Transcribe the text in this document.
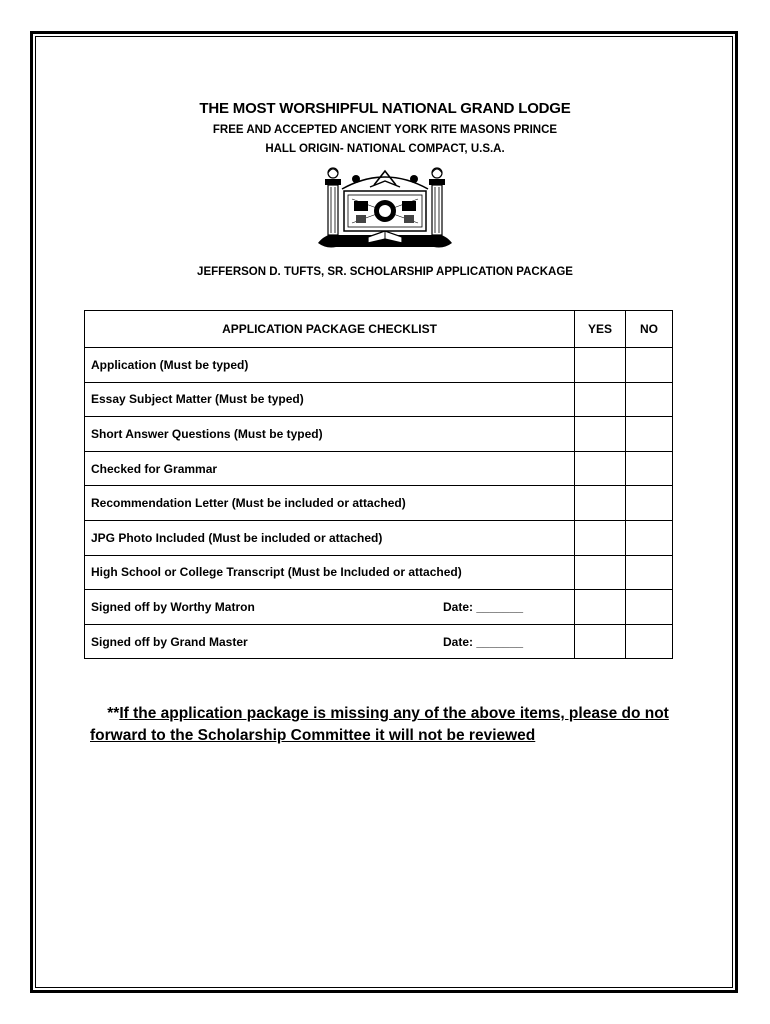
THE MOST WORSHIPFUL NATIONAL GRAND LODGE
FREE AND ACCEPTED ANCIENT YORK RITE MASONS PRINCE
HALL ORIGIN- NATIONAL COMPACT, U.S.A.
JEFFERSON D. TUFTS, SR. SCHOLARSHIP APPLICATION PACKAGE
APPLICATION PACKAGE CHECKLIST	YES	NO

Application (Must be typed)		

Essay Subject Matter (Must be typed)		

Short Answer Questions (Must be typed)		

Checked for Grammar		

Recommendation Letter (Must be included or attached)		

JPG Photo Included (Must be included or attached)		

High School or College Transcript (Must be Included or attached)		

Signed off by Worthy Matron Date: _______		

Signed off by Grand Master Date: _______		

**If the application package is missing any of the above items, please do not forward to the Scholarship Committee it will not be reviewed
